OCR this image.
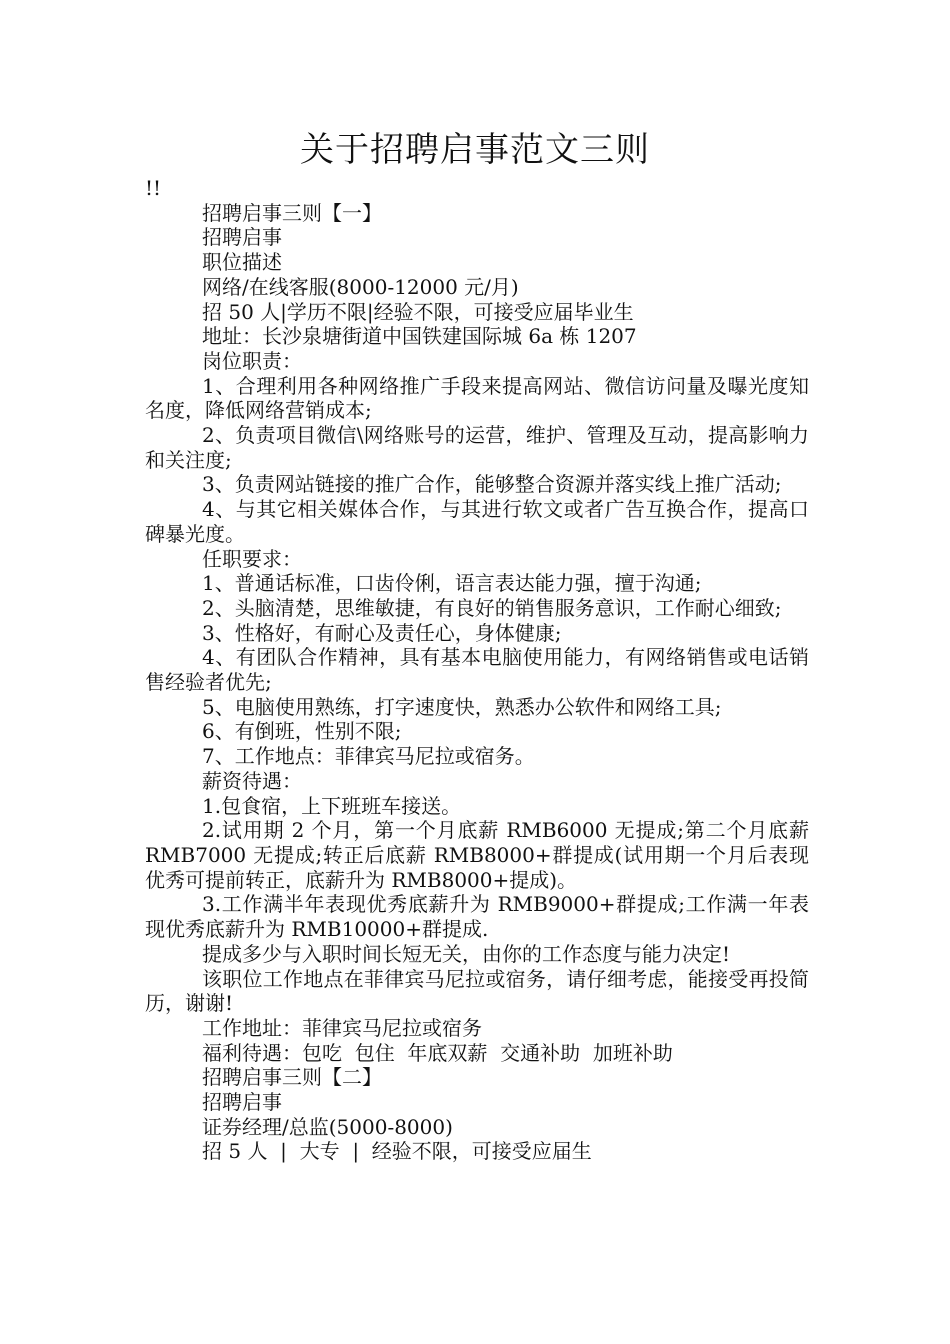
关于招聘启事范文三则

!!

招聘启事三则【一】

招聘启事

职位描述

网络/在线客服(8000-12000 元/月)

招 50 人|学历不限|经验不限，可接受应届毕业生

地址：长沙泉塘街道中国铁建国际城 6a 栋 1207

岗位职责：

1、合理利用各种网络推广手段来提高网站、微信访问量及曝光度知名度，降低网络营销成本;

2、负责项目微信\网络账号的运营，维护、管理及互动，提高影响力和关注度;

3、负责网站链接的推广合作，能够整合资源并落实线上推广活动;

4、与其它相关媒体合作，与其进行软文或者广告互换合作，提高口碑暴光度。

任职要求：

1、普通话标准，口齿伶俐，语言表达能力强，擅于沟通;

2、头脑清楚，思维敏捷，有良好的销售服务意识，工作耐心细致;

3、性格好，有耐心及责任心，身体健康;

4、有团队合作精神，具有基本电脑使用能力，有网络销售或电话销售经验者优先;

5、电脑使用熟练，打字速度快，熟悉办公软件和网络工具;

6、有倒班，性别不限;

7、工作地点：菲律宾马尼拉或宿务。

薪资待遇：

1.包食宿，上下班班车接送。

2.试用期 2 个月，第一个月底薪 RMB6000 无提成;第二个月底薪 RMB7000 无提成;转正后底薪 RMB8000+群提成(试用期一个月后表现优秀可提前转正，底薪升为 RMB8000+提成)。

3.工作满半年表现优秀底薪升为 RMB9000+群提成;工作满一年表现优秀底薪升为 RMB10000+群提成.

提成多少与入职时间长短无关，由你的工作态度与能力决定!

该职位工作地点在菲律宾马尼拉或宿务，请仔细考虑，能接受再投简历，谢谢!

工作地址：菲律宾马尼拉或宿务

福利待遇：包吃  包住  年底双薪  交通补助  加班补助

招聘启事三则【二】

招聘启事

证券经理/总监(5000-8000)

招 5 人  |  大专  |  经验不限，可接受应届生
